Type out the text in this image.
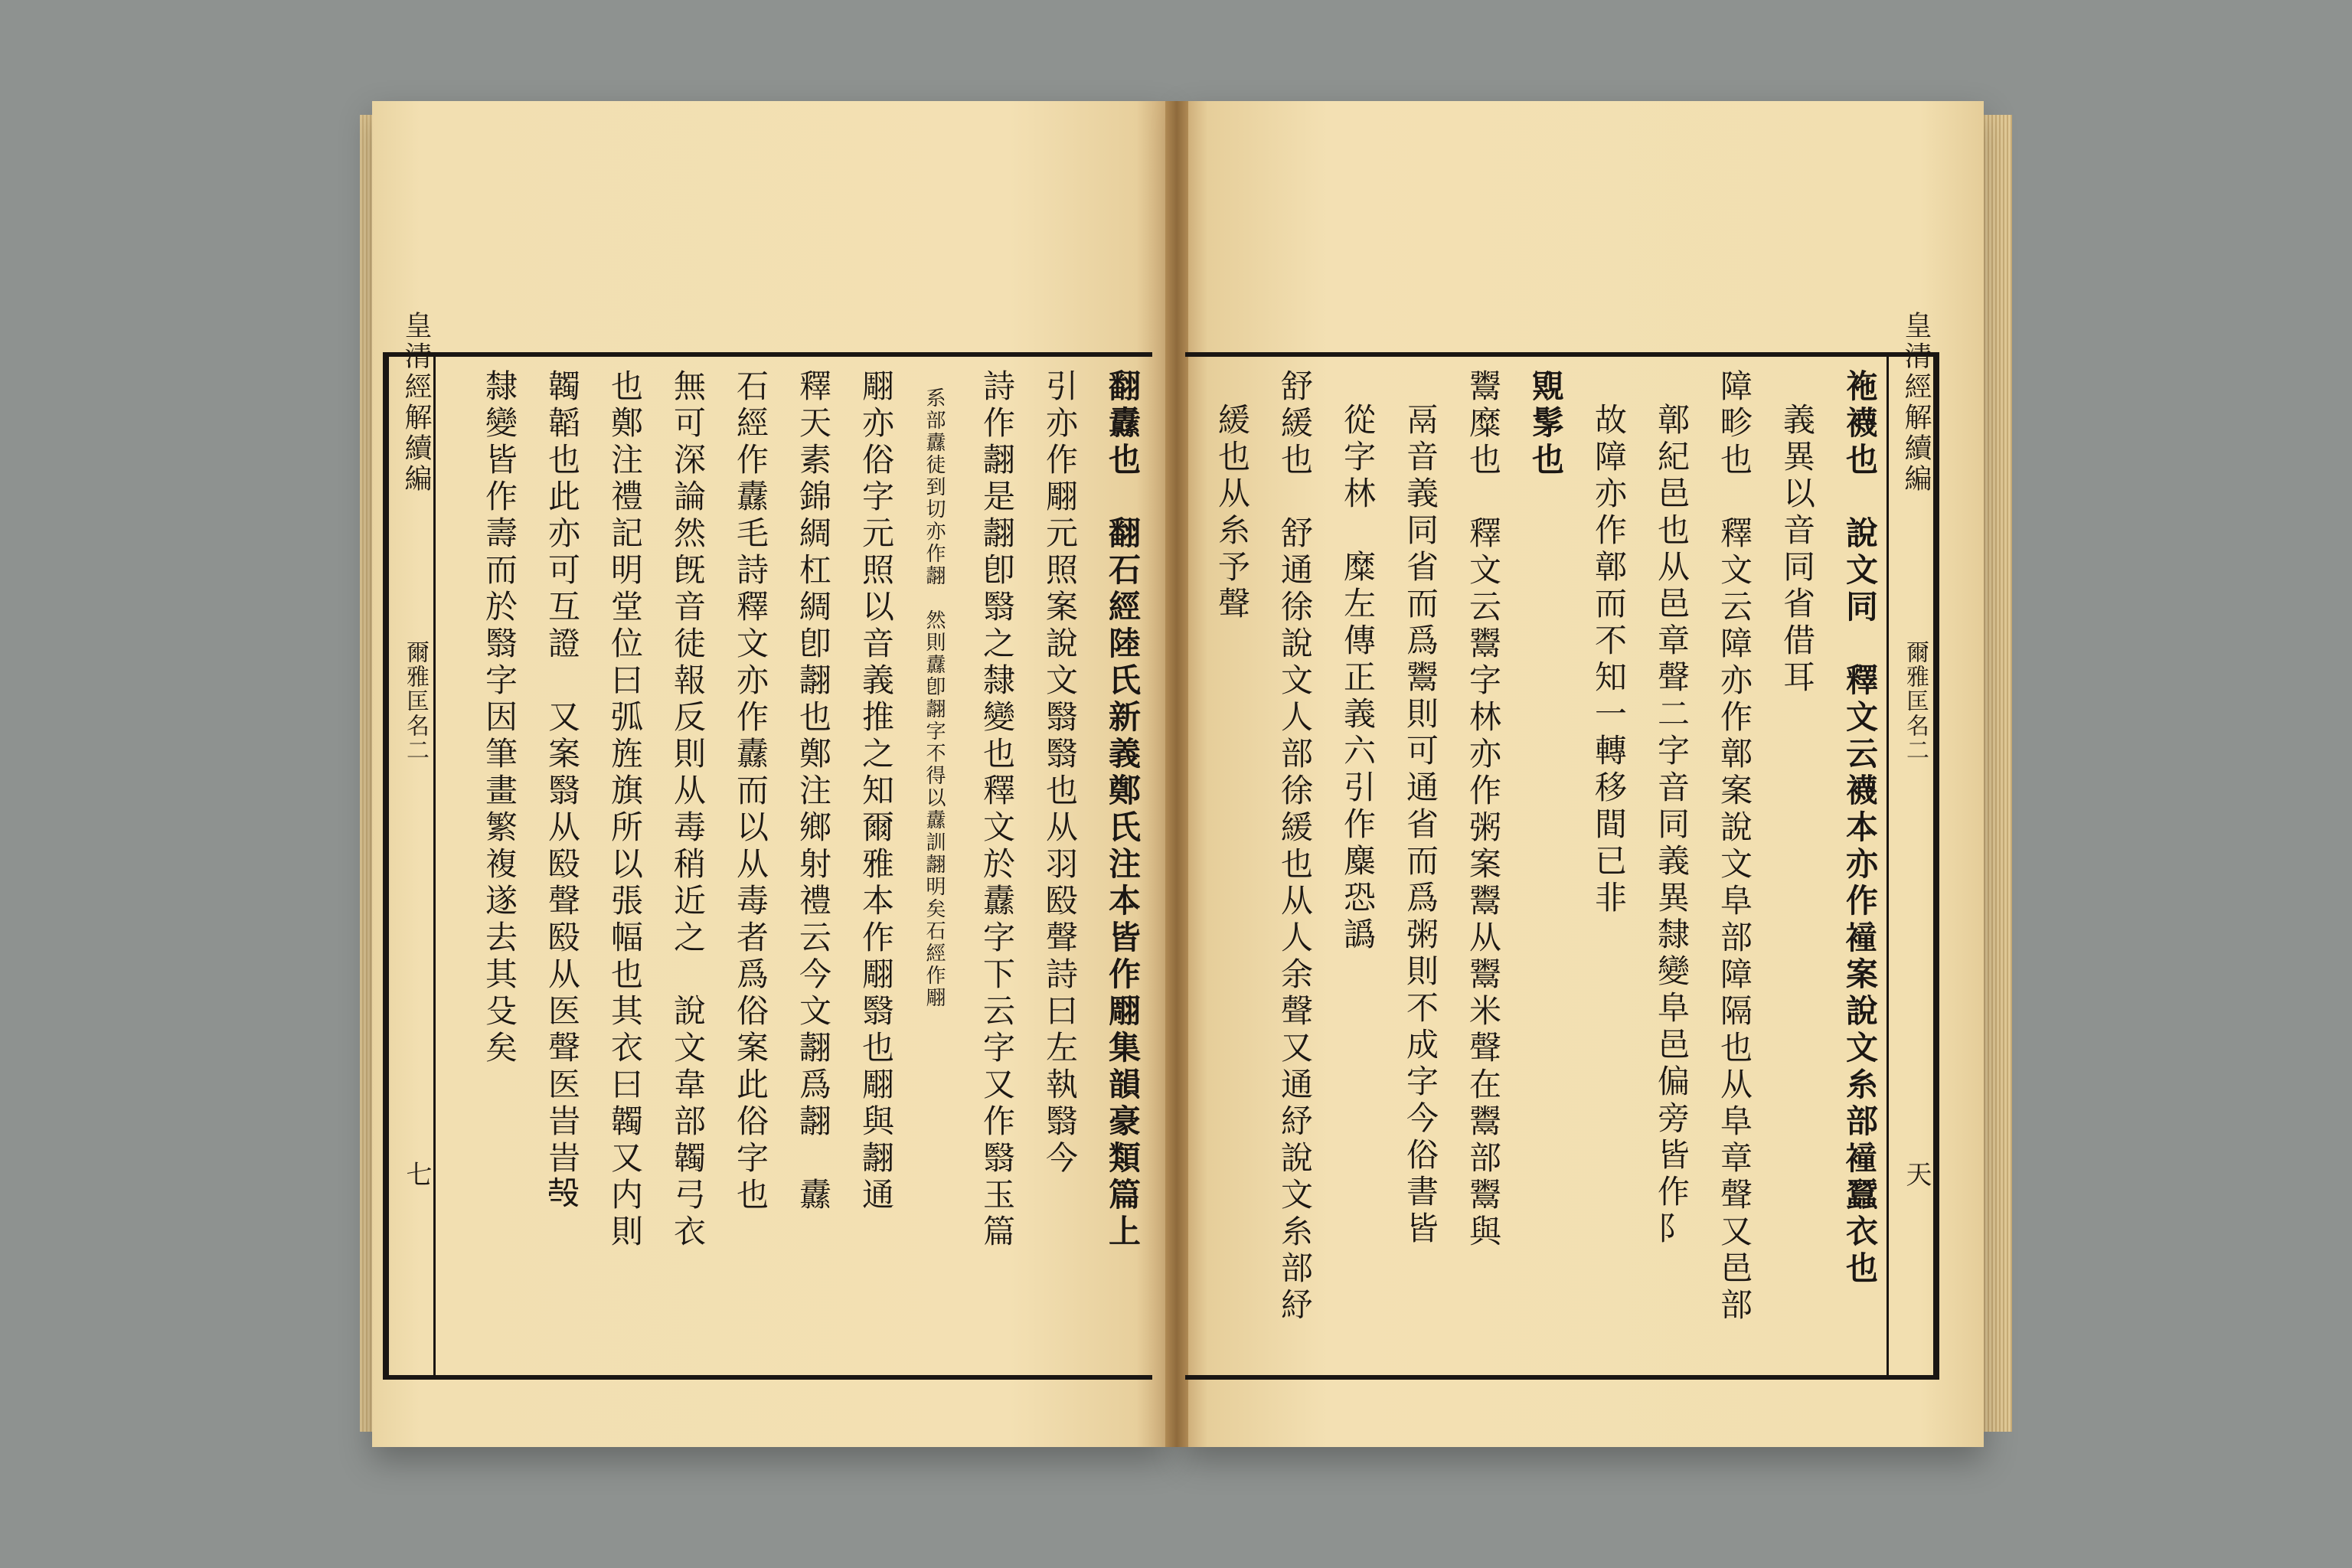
皇清經解續編
爾雅匡名二
七	翻纛也　翻石經陸氏新義鄭氏注本皆作翢集韻豪類篇上
引亦作翢元照案說文翳翳也从羽殹聲詩曰左執翳今
詩作翿是翿卽翳之隸變也釋文於纛字下云字又作翳玉篇
系部纛徒到切亦作翿　然則纛卽翿字不得以纛訓翿明矣石經作翢
翢亦俗字元照以音義推之知爾雅本作翢翳也翢與翿通
釋天素錦綢杠綢卽翿也鄭注鄉射禮云今文翿爲翿　纛
石經作纛毛詩釋文亦作纛而以从毒者爲俗案此俗字也
無可深論然旣音徒報反則从毒稍近之　說文韋部韣弓衣
也鄭注禮記明堂位曰弧旌旗所以張幅也其衣曰韣又内則
韣韜也此亦可互證　又案翳从殹聲殹从医聲医旹旹𣪊
隸變皆作壽而於翳字因筆畫繁複遂去其殳矣	皇清經解續編
爾雅匡名二
天
袘襪也　說文同　釋文云襪本亦作𧝎案說文糸部𧝎蠶衣也
義異以音同省借耳
障畛也　釋文云障亦作鄣案說文阜部障隔也从阜章聲又邑部
鄣紀邑也从邑章聲二字音同義異隸變阜邑偏旁皆作阝
故障亦作鄣而不知一轉移間已非
覭髳也
鬻糜也　釋文云鬻字林亦作粥案鬻从鬻米聲在鬻部鬻與
鬲音義同省而爲鬻則可通省而爲粥則不成字今俗書皆
從字林　糜左傳正義六引作麋恐譌
舒緩也　舒通徐說文人部徐緩也从人余聲又通紓說文糸部紓
緩也从糸予聲
